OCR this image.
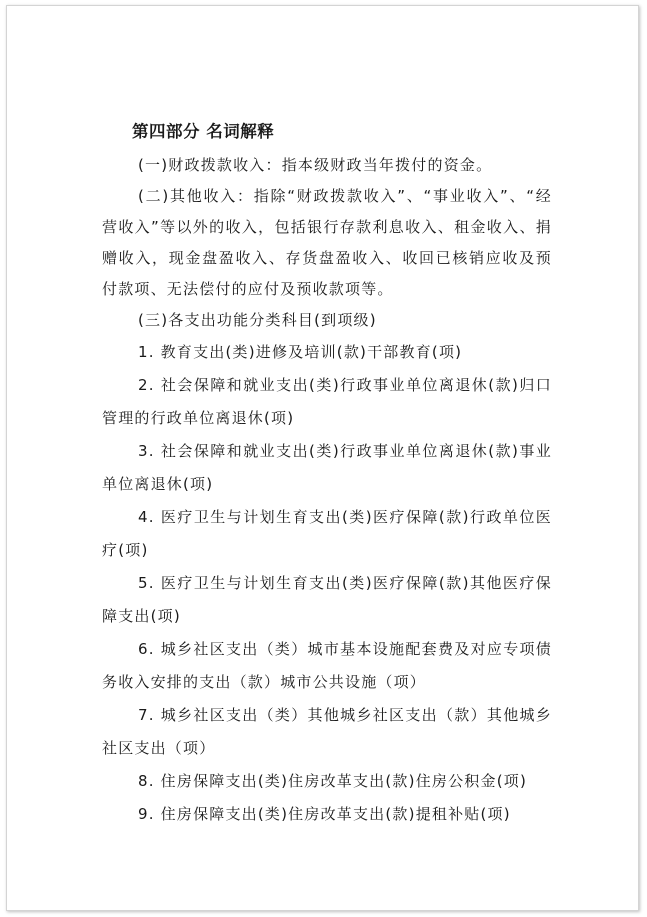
第四部分 名词解释

(一)财政拨款收入：指本级财政当年拨付的资金。

(二)其他收入：指除“财政拨款收入”、“事业收入”、“经营收入”等以外的收入，包括银行存款利息收入、租金收入、捐赠收入，现金盘盈收入、存货盘盈收入、收回已核销应收及预付款项、无法偿付的应付及预收款项等。

(三)各支出功能分类科目(到项级)

1. 教育支出(类)进修及培训(款)干部教育(项)

2. 社会保障和就业支出(类)行政事业单位离退休(款)归口管理的行政单位离退休(项)

3. 社会保障和就业支出(类)行政事业单位离退休(款)事业单位离退休(项)

4. 医疗卫生与计划生育支出(类)医疗保障(款)行政单位医疗(项)

5. 医疗卫生与计划生育支出(类)医疗保障(款)其他医疗保障支出(项)

6. 城乡社区支出（类）城市基本设施配套费及对应专项债务收入安排的支出（款）城市公共设施（项）

7. 城乡社区支出（类）其他城乡社区支出（款）其他城乡社区支出（项）

8. 住房保障支出(类)住房改革支出(款)住房公积金(项)

9. 住房保障支出(类)住房改革支出(款)提租补贴(项)
